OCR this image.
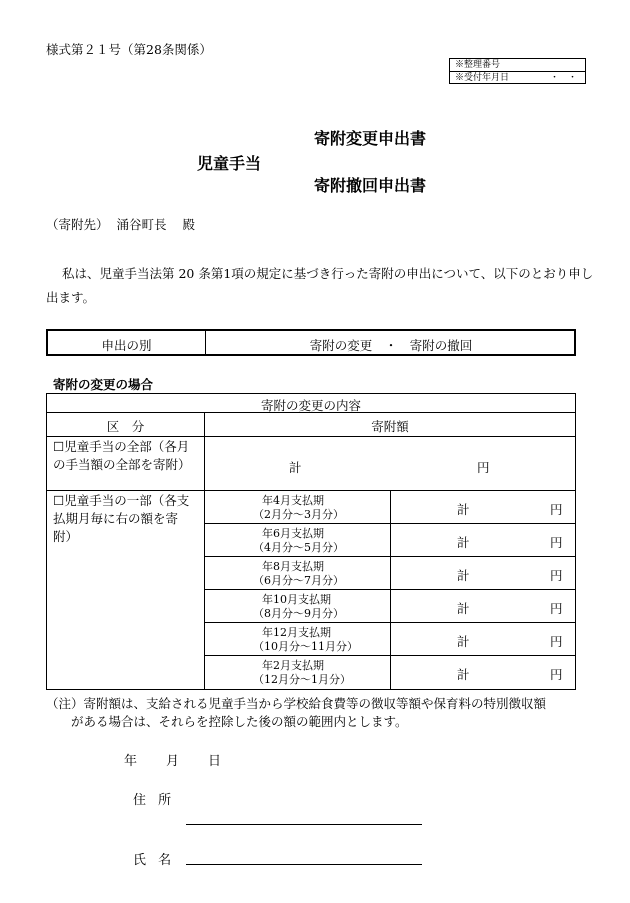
様式第２１号（第28条関係）
※整理番号
※受付年月日	・　・
寄附変更申出書
児童手当
寄附撤回申出書
（寄附先） 涌谷町長 殿
私は、児童手当法第 20 条第1項の規定に基づき行った寄附の申出について、以下のとおり申し
出ます。
申出の別	寄附の変更　・　寄附の撤回
寄附の変更の場合
寄附の変更の内容
区　分	寄附額
☐児童手当の全部（各月
の手当額の全部を寄附）	計	円
☐児童手当の一部（各支
払期月毎に右の額を寄
附）
年4月支払期
（2月分～3月分）	計	円
年6月支払期
（4月分～5月分）	計	円
年8月支払期
（6月分～7月分）	計	円
年10月支払期
（8月分～9月分）	計	円
年12月支払期
（10月分～11月分）	計	円
年2月支払期
（12月分～1月分）	計	円
（注）寄附額は、支給される児童手当から学校給食費等の徴収等額や保育料の特別徴収額
がある場合は、それらを控除した後の額の範囲内とします。
年　　月　　日
住 所
氏 名
